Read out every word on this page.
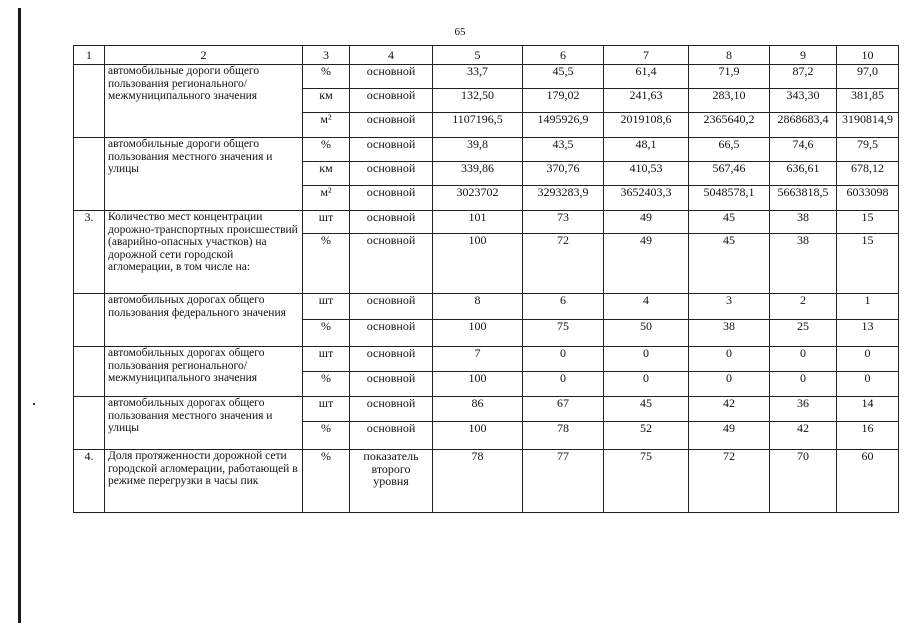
65
1	2	3	4	5	6	7	8	9	10
	автомобильные дороги общего пользования регионального/ межмуниципального значения	%	основной	33,7	45,5	61,4	71,9	87,2	97,0
		км	основной	132,50	179,02	241,63	283,10	343,30	381,85
		м²	основной	1107196,5	1495926,9	2019108,6	2365640,2	2868683,4	3190814,9
	автомобильные дороги общего пользования местного значения и улицы	%	основной	39,8	43,5	48,1	66,5	74,6	79,5
		км	основной	339,86	370,76	410,53	567,46	636,61	678,12
		м²	основной	3023702	3293283,9	3652403,3	5048578,1	5663818,5	6033098
3.	Количество мест концентрации дорожно-транспортных происшествий (аварийно-опасных участков) на дорожной сети городской агломерации, в том числе на:	шт	основной	101	73	49	45	38	15
		%	основной	100	72	49	45	38	15
	автомобильных дорогах общего пользования федерального значения	шт	основной	8	6	4	3	2	1
		%	основной	100	75	50	38	25	13
	автомобильных дорогах общего пользования регионального/ межмуниципального значения	шт	основной	7	0	0	0	0	0
		%	основной	100	0	0	0	0	0
	автомобильных дорогах общего пользования местного значения и улицы	шт	основной	86	67	45	42	36	14
		%	основной	100	78	52	49	42	16
4.	Доля протяженности дорожной сети городской агломерации, работающей в режиме перегрузки в часы пик	%	показатель второго уровня	78	77	75	72	70	60
